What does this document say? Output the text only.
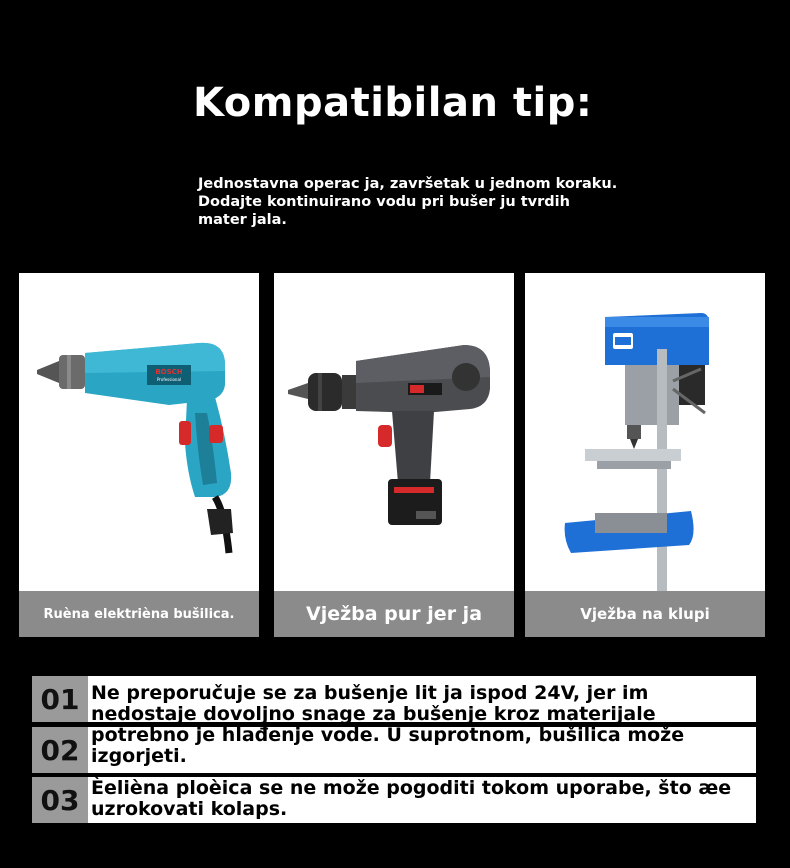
Kompatibilan tip:
Jednostavna operac ja, završetak u jednom koraku. Dodajte kontinuirano vodu pri bušer ju tvrdih mater jala.
BOSCH
Professional
Ruèna elektrièna bušilica.	Vježba pur jer ja	Vježba na klupi
01
02
03
Ne preporučuje se za bušenje lit ja ispod 24V, jer im nedostaje dovoljno snage za bušenje kroz materijale potrebno je hlađenje vode. U suprotnom, bušilica može izgorjeti.
Èelièna ploèica se ne može pogoditi tokom uporabe, što æe uzrokovati kolaps.
